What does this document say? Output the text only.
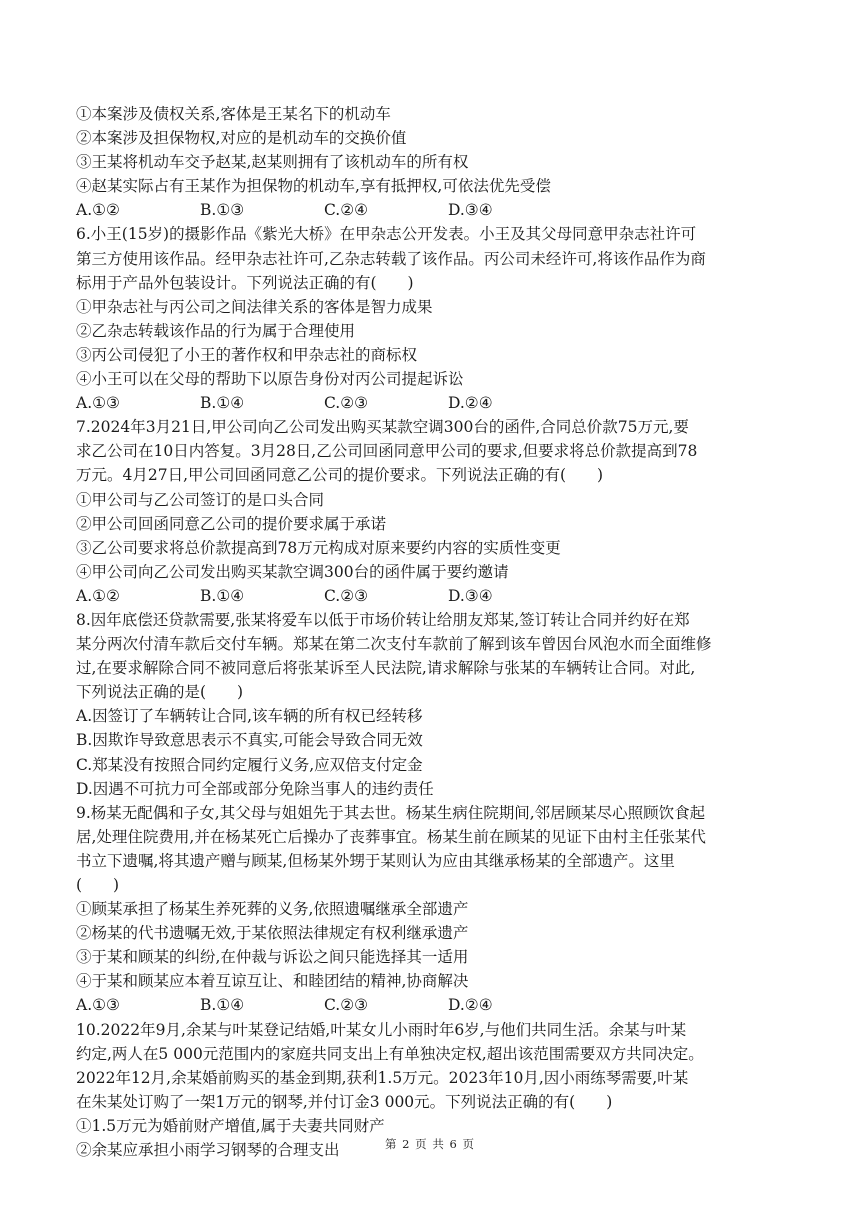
①本案涉及债权关系,客体是王某名下的机动车
②本案涉及担保物权,对应的是机动车的交换价值
③王某将机动车交予赵某,赵某则拥有了该机动车的所有权
④赵某实际占有王某作为担保物的机动车,享有抵押权,可依法优先受偿
A.①②	B.①③	C.②④	D.③④
6.小王(15岁)的摄影作品《紫光大桥》在甲杂志公开发表。小王及其父母同意甲杂志社许可
第三方使用该作品。经甲杂志社许可,乙杂志转载了该作品。丙公司未经许可,将该作品作为商
标用于产品外包装设计。下列说法正确的有(　　)
①甲杂志社与丙公司之间法律关系的客体是智力成果
②乙杂志转载该作品的行为属于合理使用
③丙公司侵犯了小王的著作权和甲杂志社的商标权
④小王可以在父母的帮助下以原告身份对丙公司提起诉讼
A.①③	B.①④	C.②③	D.②④
7.2024年3月21日,甲公司向乙公司发出购买某款空调300台的函件,合同总价款75万元,要
求乙公司在10日内答复。3月28日,乙公司回函同意甲公司的要求,但要求将总价款提高到78
万元。4月27日,甲公司回函同意乙公司的提价要求。下列说法正确的有(　　)
①甲公司与乙公司签订的是口头合同
②甲公司回函同意乙公司的提价要求属于承诺
③乙公司要求将总价款提高到78万元构成对原来要约内容的实质性变更
④甲公司向乙公司发出购买某款空调300台的函件属于要约邀请
A.①②	B.①④	C.②③	D.③④
8.因年底偿还贷款需要,张某将爱车以低于市场价转让给朋友郑某,签订转让合同并约好在郑
某分两次付清车款后交付车辆。郑某在第二次支付车款前了解到该车曾因台风泡水而全面维修
过,在要求解除合同不被同意后将张某诉至人民法院,请求解除与张某的车辆转让合同。对此,
下列说法正确的是(　　)
A.因签订了车辆转让合同,该车辆的所有权已经转移
B.因欺诈导致意思表示不真实,可能会导致合同无效
C.郑某没有按照合同约定履行义务,应双倍支付定金
D.因遇不可抗力可全部或部分免除当事人的违约责任
9.杨某无配偶和子女,其父母与姐姐先于其去世。杨某生病住院期间,邻居顾某尽心照顾饮食起
居,处理住院费用,并在杨某死亡后操办了丧葬事宜。杨某生前在顾某的见证下由村主任张某代
书立下遗嘱,将其遗产赠与顾某,但杨某外甥于某则认为应由其继承杨某的全部遗产。这里
(　　)
①顾某承担了杨某生养死葬的义务,依照遗嘱继承全部遗产
②杨某的代书遗嘱无效,于某依照法律规定有权利继承遗产
③于某和顾某的纠纷,在仲裁与诉讼之间只能选择其一适用
④于某和顾某应本着互谅互让、和睦团结的精神,协商解决
A.①③	B.①④	C.②③	D.②④
10.2022年9月,余某与叶某登记结婚,叶某女儿小雨时年6岁,与他们共同生活。余某与叶某
约定,两人在5 000元范围内的家庭共同支出上有单独决定权,超出该范围需要双方共同决定。
2022年12月,余某婚前购买的基金到期,获利1.5万元。2023年10月,因小雨练琴需要,叶某
在朱某处订购了一架1万元的钢琴,并付订金3 000元。下列说法正确的有(　　)
①1.5万元为婚前财产增值,属于夫妻共同财产
②余某应承担小雨学习钢琴的合理支出	第 2 页 共 6 页
